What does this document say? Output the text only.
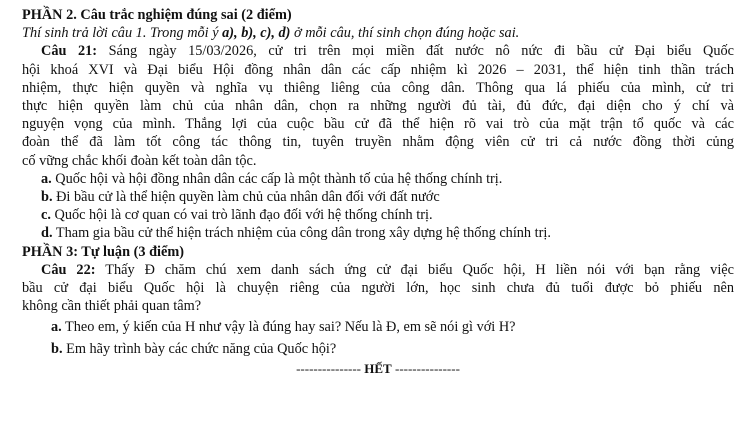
PHẦN 2. Câu trắc nghiệm đúng sai (2 điểm)
Thí sinh trả lời câu 1. Trong mỗi ý a), b), c), d) ở mỗi câu, thí sinh chọn đúng hoặc sai.
Câu 21: Sáng ngày 15/03/2026, cử tri trên mọi miền đất nước nô nức đi bầu cử Đại biểu Quốc
hội khoá XVI và Đại biểu Hội đồng nhân dân các cấp nhiệm kì 2026 – 2031, thể hiện tinh thần trách
nhiệm, thực hiện quyền và nghĩa vụ thiêng liêng của công dân. Thông qua lá phiếu của mình, cử tri
thực hiện quyền làm chủ của nhân dân, chọn ra những người đủ tài, đủ đức, đại diện cho ý chí và
nguyện vọng của mình. Thắng lợi của cuộc bầu cử đã thể hiện rõ vai trò của mặt trận tổ quốc và các
đoàn thể đã làm tốt công tác thông tin, tuyên truyền nhằm động viên cử tri cả nước đồng thời củng
cố vững chắc khối đoàn kết toàn dân tộc.
a. Quốc hội và hội đồng nhân dân các cấp là một thành tố của hệ thống chính trị.
b. Đi bầu cử là thể hiện quyền làm chủ của nhân dân đối với đất nước
c. Quốc hội là cơ quan có vai trò lãnh đạo đối với hệ thống chính trị.
d. Tham gia bầu cử thể hiện trách nhiệm của công dân trong xây dựng hệ thống chính trị.
PHẦN 3: Tự luận (3 điểm)
Câu 22: Thấy Đ chăm chú xem danh sách ứng cử đại biểu Quốc hội, H liền nói với bạn rằng việc
bầu cử đại biểu Quốc hội là chuyện riêng của người lớn, học sinh chưa đủ tuổi được bỏ phiếu nên
không cần thiết phải quan tâm?
a. Theo em, ý kiến của H như vậy là đúng hay sai? Nếu là Đ, em sẽ nói gì với H?
b. Em hãy trình bày các chức năng của Quốc hội?
--------------- HẾT ---------------
